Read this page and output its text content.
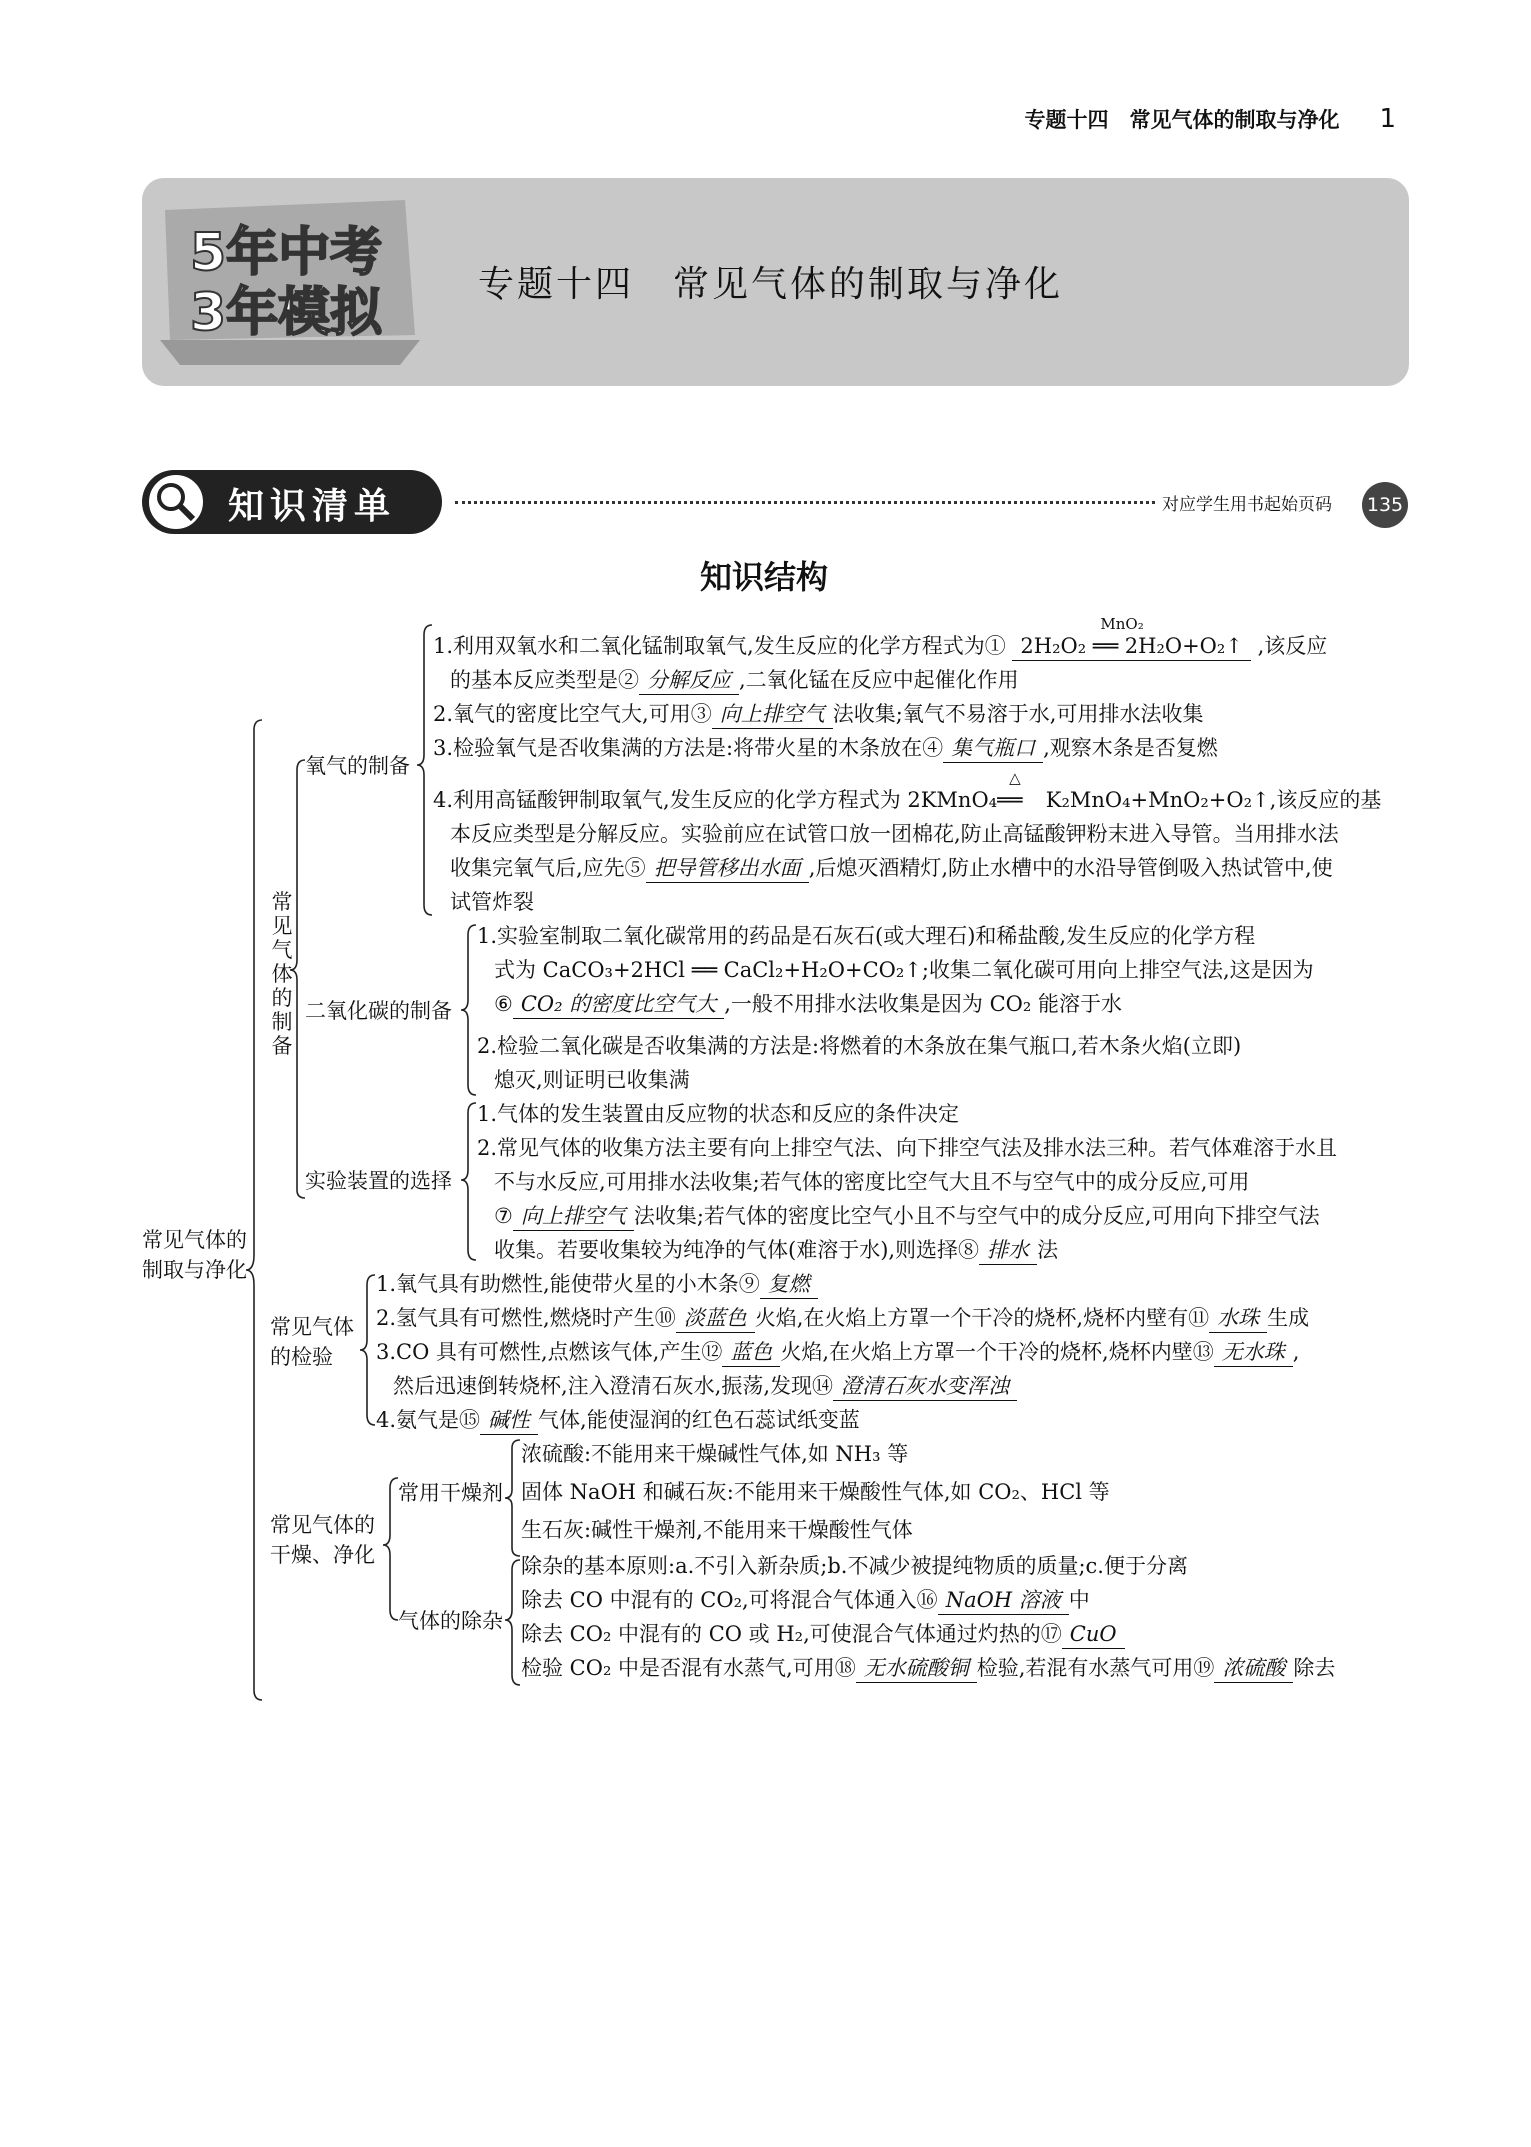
专题十四　常见气体的制取与净化 1
5年中考
3年模拟	专题十四　常见气体的制取与净化
知识清单	对应学生用书起始页码 135
知识结构
常见气体的
制取与净化
常见气体的制备
氧气的制备
二氧化碳的制备
实验装置的选择
常见气体
的检验
常见气体的
干燥、净化
常用干燥剂
气体的除杂
1.利用双氧水和二氧化锰制取氧气,发生反应的化学方程式为①
MnO₂
2H₂O₂ ══ 2H₂O+O₂↑ ,该反应
的基本反应类型是② 分解反应 ,二氧化锰在反应中起催化作用
2.氧气的密度比空气大,可用③ 向上排空气 法收集;氧气不易溶于水,可用排水法收集
3.检验氧气是否收集满的方法是:将带火星的木条放在④ 集气瓶口 ,观察木条是否复燃
4.利用高锰酸钾制取氧气,发生反应的化学方程式为 2KMnO₄
△
══ K₂MnO₄+MnO₂+O₂↑,该反应的基
本反应类型是分解反应。实验前应在试管口放一团棉花,防止高锰酸钾粉末进入导管。当用排水法
收集完氧气后,应先⑤ 把导管移出水面 ,后熄灭酒精灯,防止水槽中的水沿导管倒吸入热试管中,使
试管炸裂
1.实验室制取二氧化碳常用的药品是石灰石(或大理石)和稀盐酸,发生反应的化学方程
式为 CaCO₃+2HCl ══ CaCl₂+H₂O+CO₂↑;收集二氧化碳可用向上排空气法,这是因为
⑥ CO₂ 的密度比空气大 ,一般不用排水法收集是因为 CO₂ 能溶于水
2.检验二氧化碳是否收集满的方法是:将燃着的木条放在集气瓶口,若木条火焰(立即)
熄灭,则证明已收集满
1.气体的发生装置由反应物的状态和反应的条件决定
2.常见气体的收集方法主要有向上排空气法、向下排空气法及排水法三种。若气体难溶于水且
不与水反应,可用排水法收集;若气体的密度比空气大且不与空气中的成分反应,可用
⑦ 向上排空气 法收集;若气体的密度比空气小且不与空气中的成分反应,可用向下排空气法
收集。若要收集较为纯净的气体(难溶于水),则选择⑧ 排水 法
1.氧气具有助燃性,能使带火星的小木条⑨ 复燃
2.氢气具有可燃性,燃烧时产生⑩ 淡蓝色 火焰,在火焰上方罩一个干冷的烧杯,烧杯内壁有⑪ 水珠 生成
3.CO 具有可燃性,点燃该气体,产生⑫ 蓝色 火焰,在火焰上方罩一个干冷的烧杯,烧杯内壁⑬ 无水珠 ,
然后迅速倒转烧杯,注入澄清石灰水,振荡,发现⑭ 澄清石灰水变浑浊
4.氨气是⑮ 碱性 气体,能使湿润的红色石蕊试纸变蓝
浓硫酸:不能用来干燥碱性气体,如 NH₃ 等
固体 NaOH 和碱石灰:不能用来干燥酸性气体,如 CO₂、HCl 等
生石灰:碱性干燥剂,不能用来干燥酸性气体
除杂的基本原则:a.不引入新杂质;b.不减少被提纯物质的质量;c.便于分离
除去 CO 中混有的 CO₂,可将混合气体通入⑯ NaOH 溶液 中
除去 CO₂ 中混有的 CO 或 H₂,可使混合气体通过灼热的⑰ CuO
检验 CO₂ 中是否混有水蒸气,可用⑱ 无水硫酸铜 检验,若混有水蒸气可用⑲ 浓硫酸 除去
